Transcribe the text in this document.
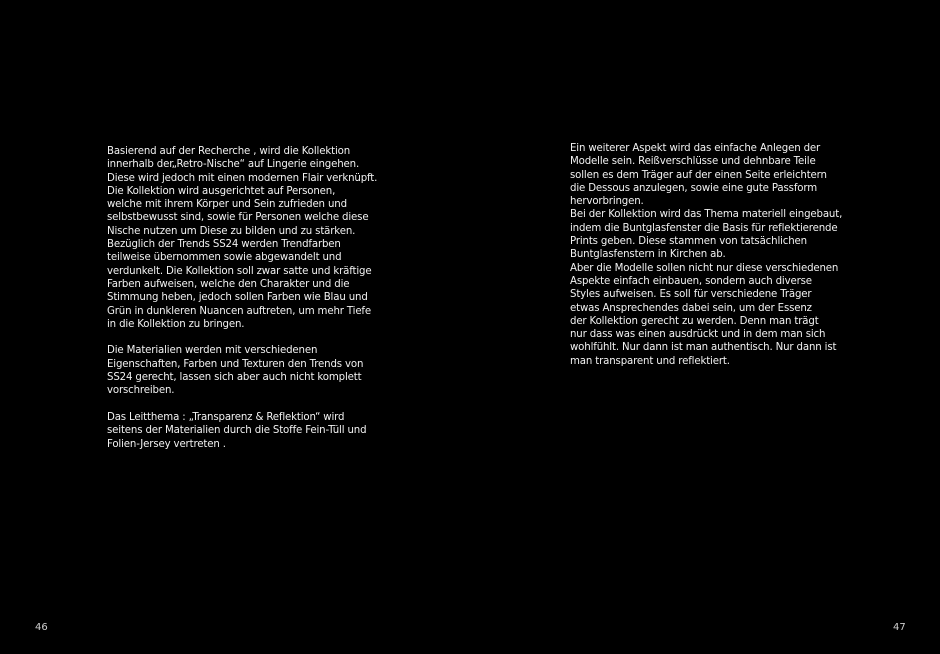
Basierend auf der Recherche , wird die Kollektion
innerhalb der„Retro-Nische“ auf Lingerie eingehen.
Diese wird jedoch mit einen modernen Flair verknüpft.
Die Kollektion wird ausgerichtet auf Personen,
welche mit ihrem Körper und Sein zufrieden und
selbstbewusst sind, sowie für Personen welche diese
Nische nutzen um Diese zu bilden und zu stärken.
Bezüglich der Trends SS24 werden Trendfarben
teilweise übernommen sowie abgewandelt und
verdunkelt. Die Kollektion soll zwar satte und kräftige
Farben aufweisen, welche den Charakter und die
Stimmung heben, jedoch sollen Farben wie Blau und
Grün in dunkleren Nuancen auftreten, um mehr Tiefe
in die Kollektion zu bringen.
Die Materialien werden mit verschiedenen
Eigenschaften, Farben und Texturen den Trends von
SS24 gerecht, lassen sich aber auch nicht komplett
vorschreiben.
Das Leitthema : „Transparenz & Reflektion“ wird
seitens der Materialien durch die Stoffe Fein-Tüll und
Folien-Jersey vertreten .
Ein weiterer Aspekt wird das einfache Anlegen der
Modelle sein. Reißverschlüsse und dehnbare Teile
sollen es dem Träger auf der einen Seite erleichtern
die Dessous anzulegen, sowie eine gute Passform
hervorbringen.
Bei der Kollektion wird das Thema materiell eingebaut,
indem die Buntglasfenster die Basis für reflektierende
Prints geben. Diese stammen von tatsächlichen
Buntglasfenstern in Kirchen ab.
Aber die Modelle sollen nicht nur diese verschiedenen
Aspekte einfach einbauen, sondern auch diverse
Styles aufweisen. Es soll für verschiedene Träger
etwas Ansprechendes dabei sein, um der Essenz
der Kollektion gerecht zu werden. Denn man trägt
nur dass was einen ausdrückt und in dem man sich
wohlfühlt. Nur dann ist man authentisch. Nur dann ist
man transparent und reflektiert.
46	47
